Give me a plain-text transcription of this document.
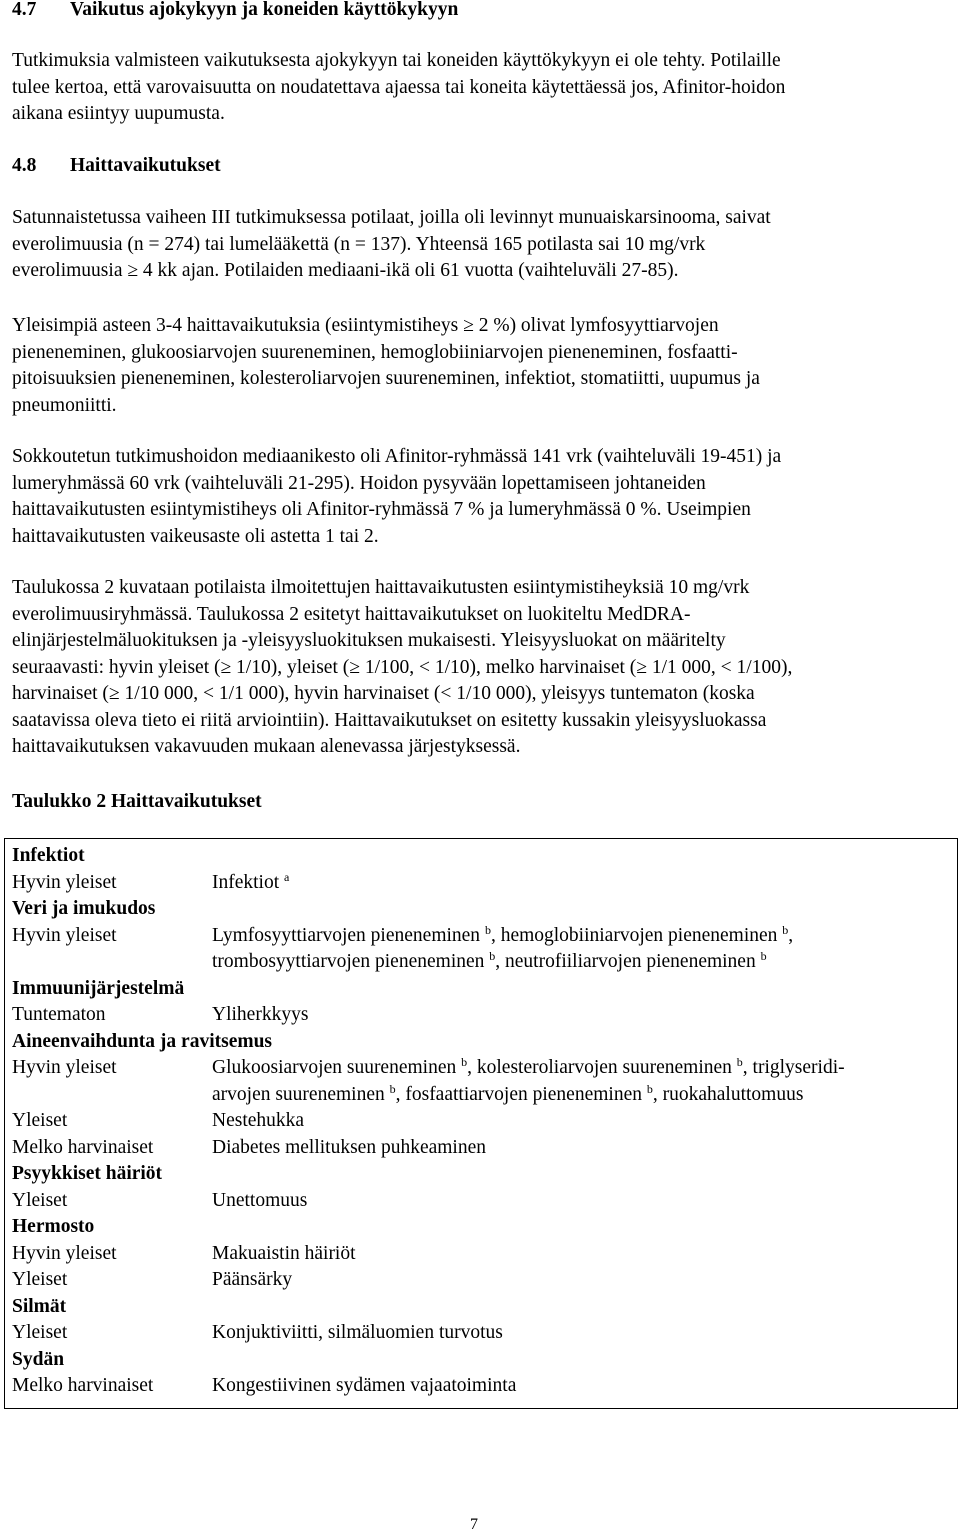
4.7 Vaikutus ajokykyyn ja koneiden käyttökykyyn
Tutkimuksia valmisteen vaikutuksesta ajokykyyn tai koneiden käyttökykyyn ei ole tehty. Potilaille
tulee kertoa, että varovaisuutta on noudatettava ajaessa tai koneita käytettäessä jos, Afinitor-hoidon
aikana esiintyy uupumusta.
4.8 Haittavaikutukset
Satunnaistetussa vaiheen III tutkimuksessa potilaat, joilla oli levinnyt munuaiskarsinooma, saivat
everolimuusia (n = 274) tai lumelääkettä (n = 137). Yhteensä 165 potilasta sai 10 mg/vrk
everolimuusia ≥ 4 kk ajan. Potilaiden mediaani-ikä oli 61 vuotta (vaihteluväli 27-85).
Yleisimpiä asteen 3-4 haittavaikutuksia (esiintymistiheys ≥ 2 %) olivat lymfosyyttiarvojen
pieneneminen, glukoosiarvojen suureneminen, hemoglobiiniarvojen pieneneminen, fosfaatti-
pitoisuuksien pieneneminen, kolesteroliarvojen suureneminen, infektiot, stomatiitti, uupumus ja
pneumoniitti.
Sokkoutetun tutkimushoidon mediaanikesto oli Afinitor-ryhmässä 141 vrk (vaihteluväli 19-451) ja
lumeryhmässä 60 vrk (vaihteluväli 21-295). Hoidon pysyvään lopettamiseen johtaneiden
haittavaikutusten esiintymistiheys oli Afinitor-ryhmässä 7 % ja lumeryhmässä 0 %. Useimpien
haittavaikutusten vaikeusaste oli astetta 1 tai 2.
Taulukossa 2 kuvataan potilaista ilmoitettujen haittavaikutusten esiintymistiheyksiä 10 mg/vrk
everolimuusiryhmässä. Taulukossa 2 esitetyt haittavaikutukset on luokiteltu MedDRA-
elinjärjestelmäluokituksen ja -yleisyysluokituksen mukaisesti. Yleisyysluokat on määritelty
seuraavasti: hyvin yleiset (≥ 1/10), yleiset (≥ 1/100, < 1/10), melko harvinaiset (≥ 1/1 000, < 1/100),
harvinaiset (≥ 1/10 000, < 1/1 000), hyvin harvinaiset (< 1/10 000), yleisyys tuntematon (koska
saatavissa oleva tieto ei riitä arviointiin). Haittavaikutukset on esitetty kussakin yleisyysluokassa
haittavaikutuksen vakavuuden mukaan alenevassa järjestyksessä.
Taulukko 2 Haittavaikutukset
Infektiot	
Hyvin yleiset	Infektiot $^a$
Veri ja imukudos	
Hyvin yleiset	Lymfosyyttiarvojen pieneneminen $^b$, hemoglobiiniarvojen pieneneminen $^b$,
trombosyyttiarvojen pieneneminen $^b$, neutrofiiliarvojen pieneneminen $^b$

Immuunijärjestelmä	
Tuntematon	Yliherkkyys
Aineenvaihdunta ja ravitsemus	
Hyvin yleiset	Glukoosiarvojen suureneminen $^b$, kolesteroliarvojen suureneminen $^b$, triglyseridi-
arvojen suureneminen $^b$, fosfaattiarvojen pieneneminen $^b$, ruokahaluttomuus

Yleiset	Nestehukka
Melko harvinaiset	Diabetes mellituksen puhkeaminen
Psyykkiset häiriöt	
Yleiset	Unettomuus
Hermosto	
Hyvin yleiset	Makuaistin häiriöt
Yleiset	Päänsärky
Silmät	
Yleiset	Konjuktiviitti, silmäluomien turvotus
Sydän	
Melko harvinaiset	Kongestiivinen sydämen vajaatoiminta
7
